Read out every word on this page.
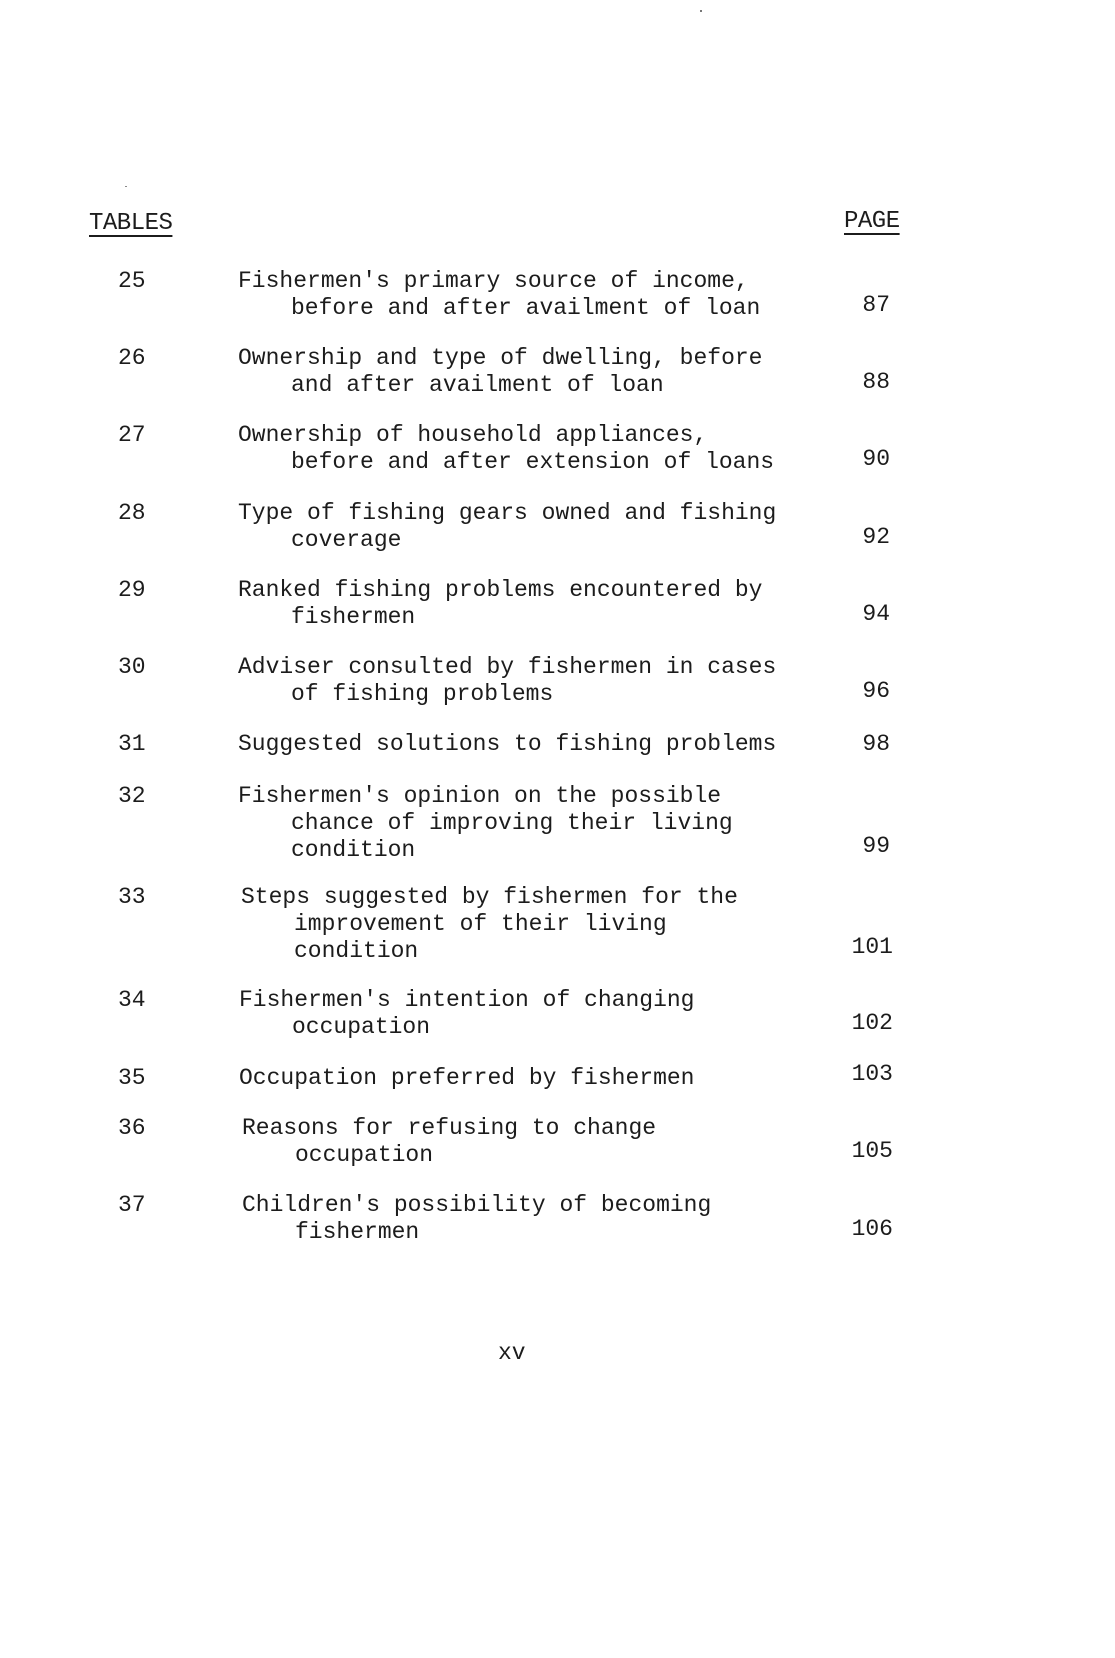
TABLES	PAGE
25	Fishermen's primary source of income,
before and after availment of loan	87
26	Ownership and type of dwelling, before
and after availment of loan	88
27	Ownership of household appliances,
before and after extension of loans	90
28	Type of fishing gears owned and fishing
coverage	92
29	Ranked fishing problems encountered by
fishermen	94
30	Adviser consulted by fishermen in cases
of fishing problems	96
31	Suggested solutions to fishing problems	98
32	Fishermen's opinion on the possible
chance of improving their living
condition	99
33	Steps suggested by fishermen for the
improvement of their living
condition	101
34	Fishermen's intention of changing
occupation	102
35	Occupation preferred by fishermen	103
36	Reasons for refusing to change
occupation	105
37	Children's possibility of becoming
fishermen	106
xv
